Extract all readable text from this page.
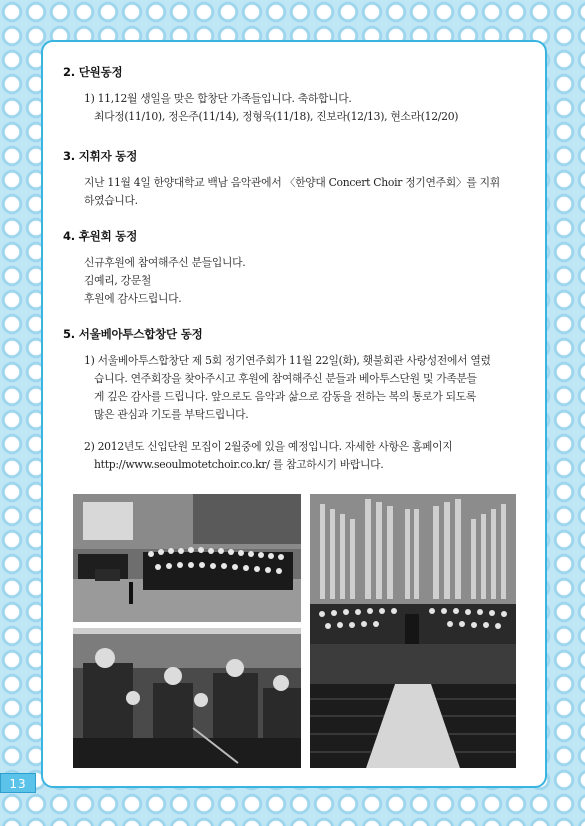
2. 단원동정

1) 11,12월 생일을 맞은 합창단 가족들입니다. 축하합니다.

최다정(11/10), 정은주(11/14), 정형욱(11/18), 진보라(12/13), 현소라(12/20)

3. 지휘자 동정

지난 11월 4일 한양대학교 백남 음악관에서 〈한양대 Concert Choir 정기연주회〉를 지휘

하였습니다.

4. 후원회 동정

신규후원에 참여해주신 분들입니다.

김예리, 강문철

후원에 감사드립니다.

5. 서울베아투스합창단 동정

1) 서울베아투스합창단 제 5회 정기연주회가 11월 22일(화), 횃불회관 사랑성전에서 열렸

습니다. 연주회장을 찾아주시고 후원에 참여해주신 분들과 베아투스단원 및 가족분들

게 깊은 감사를 드립니다. 앞으로도 음악과 삶으로 감동을 전하는 복의 통로가 되도록

많은 관심과 기도를 부탁드립니다.

2) 2012년도 신입단원 모집이 2월중에 있을 예정입니다. 자세한 사항은 홈페이지

http://www.seoulmotetchoir.co.kr/ 를 참고하시기 바랍니다.

13
